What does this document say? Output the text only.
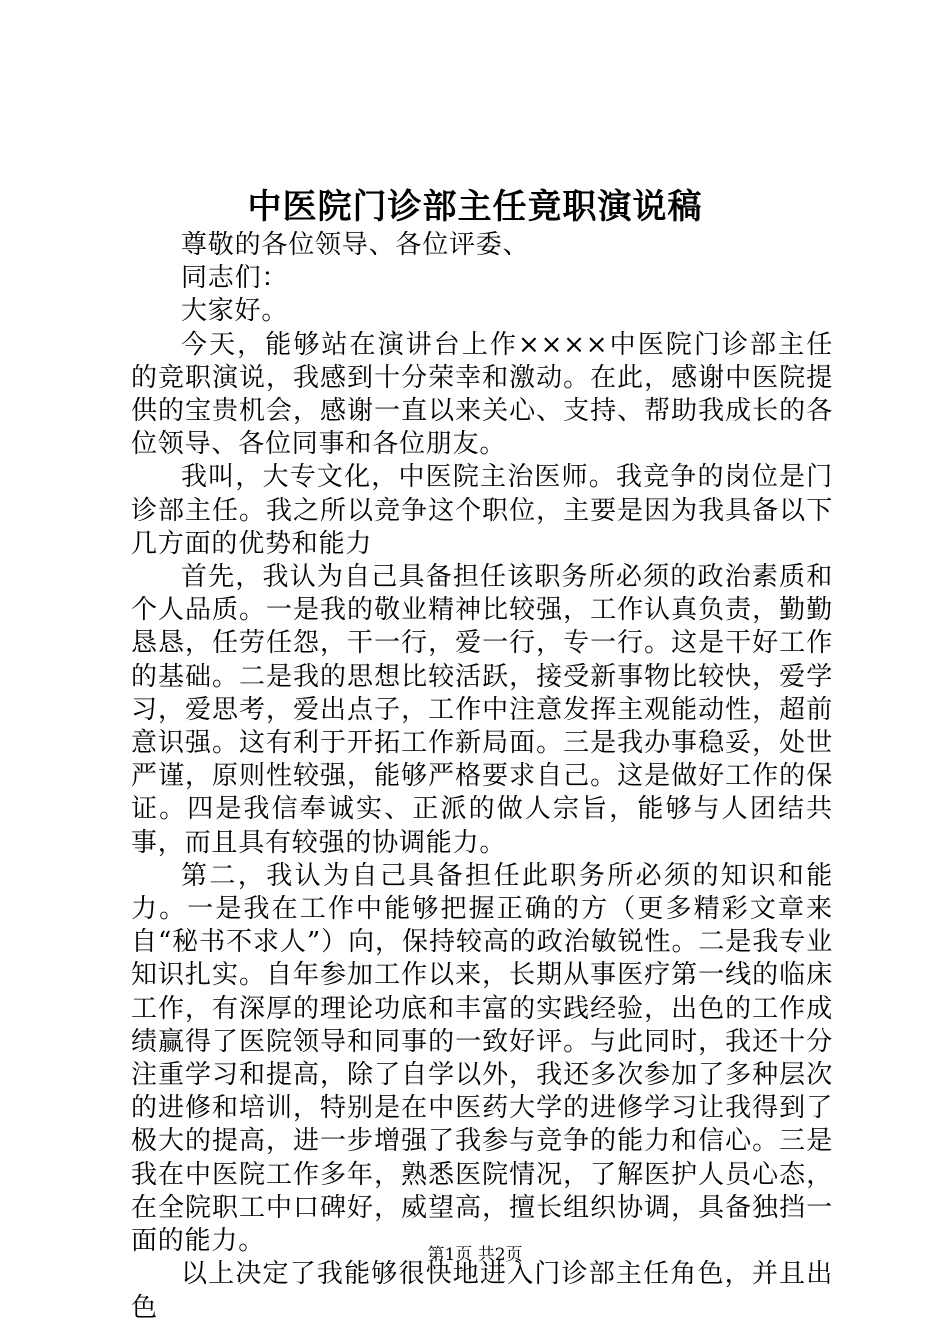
中医院门诊部主任竟职演说稿

尊敬的各位领导、各位评委、

同志们：

大家好。

今天，能够站在演讲台上作××××中医院门诊部主任的竞职演说，我感到十分荣幸和激动。在此，感谢中医院提供的宝贵机会，感谢一直以来关心、支持、帮助我成长的各位领导、各位同事和各位朋友。

我叫，大专文化，中医院主治医师。我竞争的岗位是门诊部主任。我之所以竞争这个职位，主要是因为我具备以下几方面的优势和能力

首先，我认为自己具备担任该职务所必须的政治素质和个人品质。一是我的敬业精神比较强，工作认真负责，勤勤恳恳，任劳任怨，干一行，爱一行，专一行。这是干好工作的基础。二是我的思想比较活跃，接受新事物比较快，爱学习，爱思考，爱出点子，工作中注意发挥主观能动性，超前意识强。这有利于开拓工作新局面。三是我办事稳妥，处世严谨，原则性较强，能够严格要求自己。这是做好工作的保证。四是我信奉诚实、正派的做人宗旨，能够与人团结共事，而且具有较强的协调能力。

第二，我认为自己具备担任此职务所必须的知识和能力。一是我在工作中能够把握正确的方（更多精彩文章来自“秘书不求人”）向，保持较高的政治敏锐性。二是我专业知识扎实。自年参加工作以来，长期从事医疗第一线的临床工作，有深厚的理论功底和丰富的实践经验，出色的工作成绩赢得了医院领导和同事的一致好评。与此同时，我还十分注重学习和提高，除了自学以外，我还多次参加了多种层次的进修和培训，特别是在中医药大学的进修学习让我得到了极大的提高，进一步增强了我参与竞争的能力和信心。三是我在中医院工作多年，熟悉医院情况，了解医护人员心态，在全院职工中口碑好，威望高，擅长组织协调，具备独挡一面的能力。

以上决定了我能够很快地进入门诊部主任角色，并且出色

第1页 共2页
